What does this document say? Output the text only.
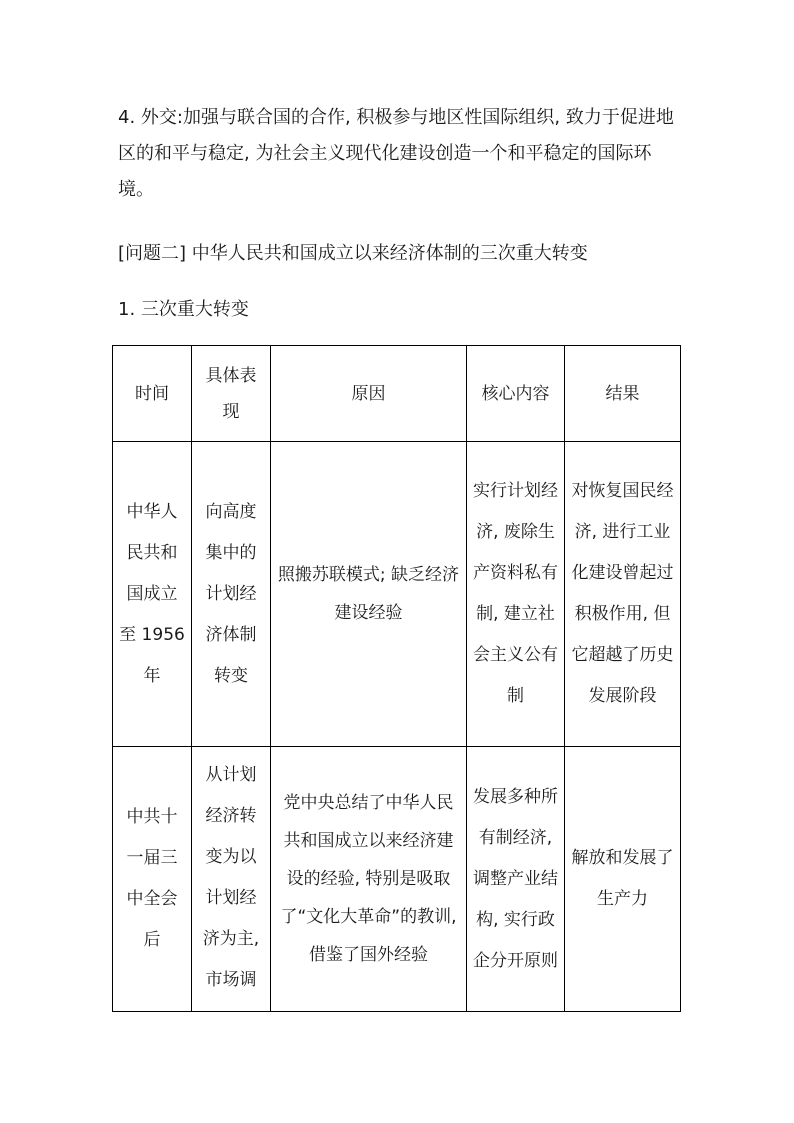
4. 外交:加强与联合国的合作, 积极参与地区性国际组织, 致力于促进地区的和平与稳定, 为社会主义现代化建设创造一个和平稳定的国际环境。

[问题二] 中华人民共和国成立以来经济体制的三次重大转变

1. 三次重大转变

时间	具体表现	原因	核心内容	结果
中华人民共和国成立至 1956 年	向高度集中的计划经济体制转变	照搬苏联模式; 缺乏经济建设经验	实行计划经济, 废除生产资料私有制, 建立社会主义公有制	对恢复国民经济, 进行工业化建设曾起过积极作用, 但它超越了历史发展阶段
中共十一届三中全会后	从计划经济转变为以计划经济为主, 市场调	党中央总结了中华人民共和国成立以来经济建设的经验, 特别是吸取了“文化大革命”的教训, 借鉴了国外经验	发展多种所有制经济, 调整产业结构, 实行政企分开原则	解放和发展了生产力
